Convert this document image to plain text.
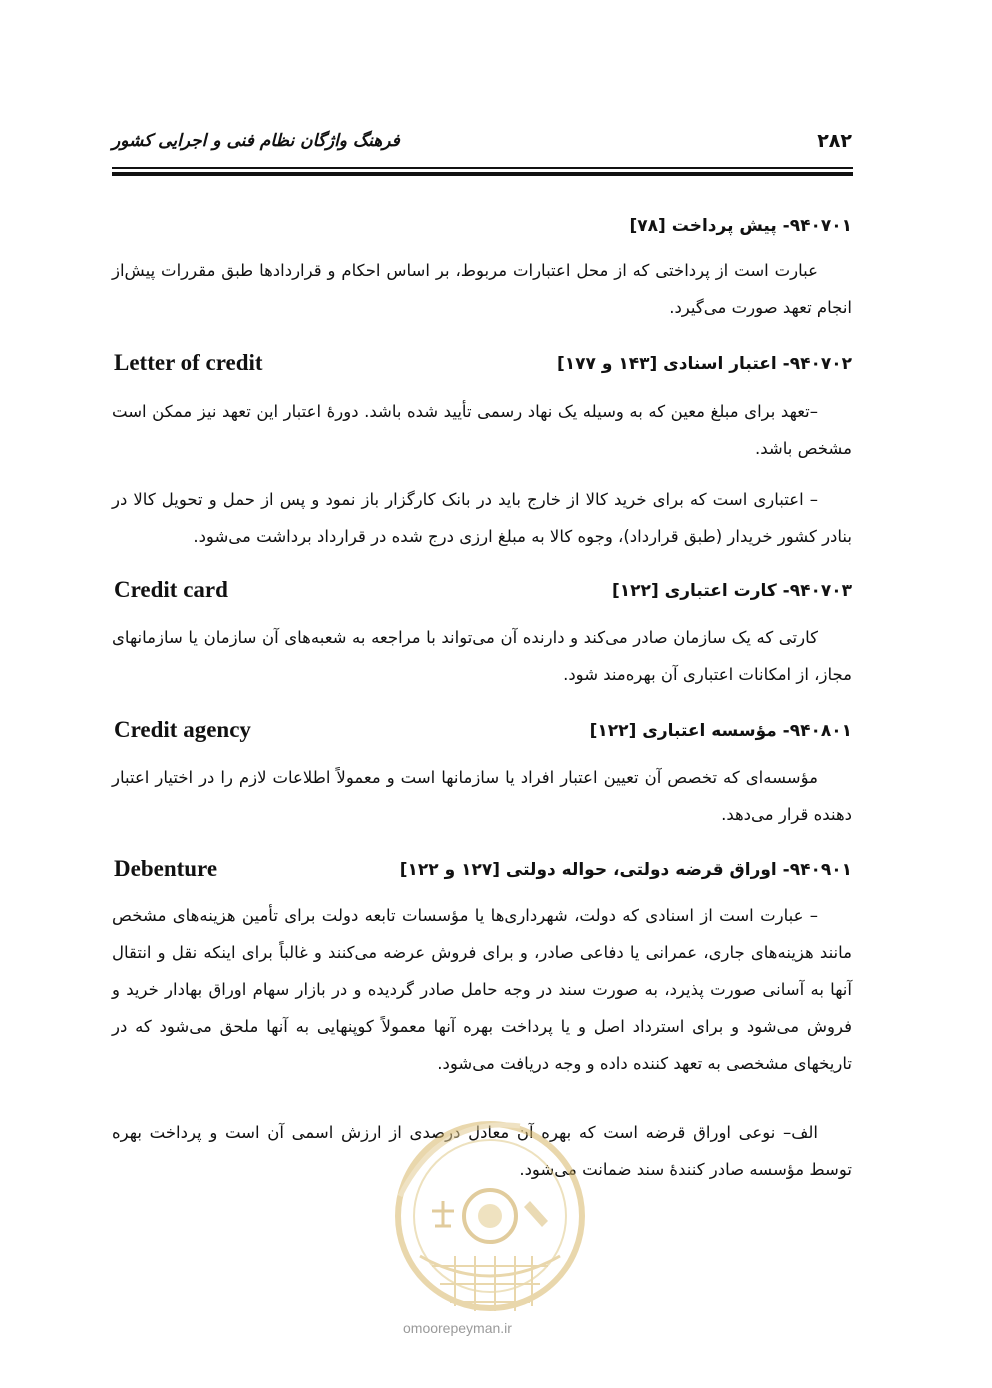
۲۸۲
فرهنگ واژگان نظام فنی و اجرایی کشور
۹۴۰۷۰۱- پیش پرداخت [۷۸]

عبارت است از پرداختی که از محل اعتبارات مربوط، بر اساس احکام و قراردادها طبق مقررات پیش‌از انجام تعهد صورت می‌گیرد.

۹۴۰۷۰۲- اعتبار اسنادی [۱۴۳ و ۱۷۷]
Letter of credit

–تعهد برای مبلغ معین که به وسیله یک نهاد رسمی تأیید شده باشد. دورهٔ اعتبار این تعهد نیز ممکن است مشخص باشد.

– اعتباری است که برای خرید کالا از خارج باید در بانک کارگزار باز نمود و پس از حمل و تحویل کالا در بنادر کشور خریدار (طبق قرارداد)، وجوه کالا به مبلغ ارزی درج شده در قرارداد برداشت می‌شود.

۹۴۰۷۰۳- کارت اعتباری [۱۲۲]
Credit card

کارتی که یک سازمان صادر می‌کند و دارنده آن می‌تواند با مراجعه به شعبه‌های آن سازمان یا سازمانهای مجاز، از امکانات اعتباری آن بهره‌مند شود.

۹۴۰۸۰۱- مؤسسه اعتباری [۱۲۲]
Credit agency

مؤسسه‌ای که تخصص آن تعیین اعتبار افراد یا سازمانها است و معمولاً اطلاعات لازم را در اختیار اعتبار دهنده قرار می‌دهد.

۹۴۰۹۰۱- اوراق قرضه دولتی، حواله دولتی [۱۲۷ و ۱۲۲]
Debenture

– عبارت است از اسنادی که دولت، شهرداری‌ها یا مؤسسات تابعه دولت برای تأمین هزینه‌های مشخص مانند هزینه‌های جاری، عمرانی یا دفاعی صادر، و برای فروش عرضه می‌کنند و غالباً برای اینکه نقل و انتقال آنها به آسانی صورت پذیرد، به صورت سند در وجه حامل صادر گردیده و در بازار سهام اوراق بهادار خرید و فروش می‌شود و برای استرداد اصل و یا پرداخت بهره آنها معمولاً کوپنهایی به آنها ملحق می‌شود که در تاریخهای مشخصی به تعهد کننده داده و وجه دریافت می‌شود.

الف– نوعی اوراق قرضه است که بهره آن معادل درصدی از ارزش اسمی آن است و پرداخت بهره توسط مؤسسه صادر کنندهٔ سند ضمانت می‌شود.

omoorepeyman.ir
